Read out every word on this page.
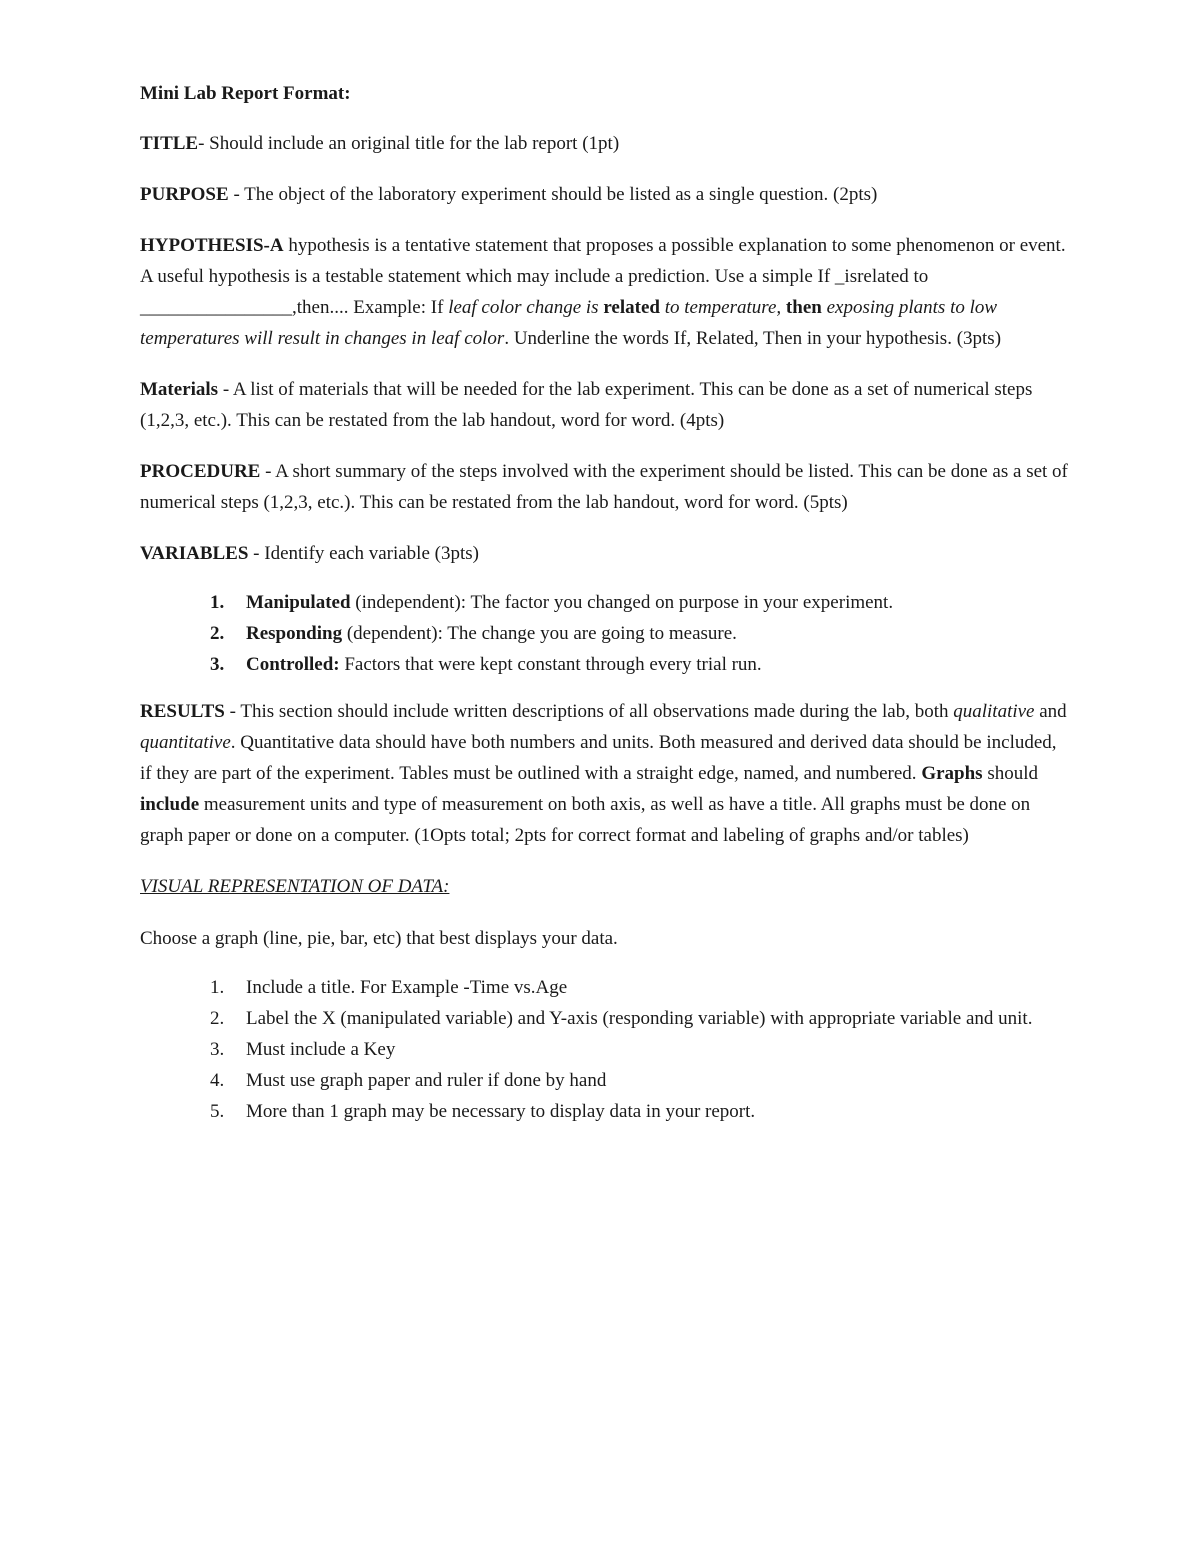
Mini Lab Report Format:

TITLE- Should include an original title for the lab report (1pt)

PURPOSE - The object of the laboratory experiment should be listed as a single question. (2pts)

HYPOTHESIS-A hypothesis is a tentative statement that proposes a possible explanation to some phenomenon or event. A useful hypothesis is a testable statement which may include a prediction. Use a simple If _isrelated to ________________,then.... Example: If leaf color change is related to temperature, then exposing plants to low temperatures will result in changes in leaf color. Underline the words If, Related, Then in your hypothesis. (3pts)

Materials - A list of materials that will be needed for the lab experiment. This can be done as a set of numerical steps (1,2,3, etc.). This can be restated from the lab handout, word for word. (4pts)

PROCEDURE - A short summary of the steps involved with the experiment should be listed. This can be done as a set of numerical steps (1,2,3, etc.). This can be restated from the lab handout, word for word. (5pts)

VARIABLES - Identify each variable (3pts)

1.	Manipulated (independent): The factor you changed on purpose in your experiment.
2.	Responding (dependent): The change you are going to measure.
3.	Controlled: Factors that were kept constant through every trial run.

RESULTS - This section should include written descriptions of all observations made during the lab, both qualitative and quantitative. Quantitative data should have both numbers and units. Both measured and derived data should be included, if they are part of the experiment. Tables must be outlined with a straight edge, named, and numbered. Graphs should include measurement units and type of measurement on both axis, as well as have a title. All graphs must be done on graph paper or done on a computer. (1Opts total; 2pts for correct format and labeling of graphs and/or tables)

VISUAL REPRESENTATION OF DATA:

Choose a graph (line, pie, bar, etc) that best displays your data.

1.	Include a title. For Example -Time vs.Age
2.	Label the X (manipulated variable) and Y-axis (responding variable) with appropriate variable and unit.
3.	Must include a Key
4.	Must use graph paper and ruler if done by hand
5.	More than 1 graph may be necessary to display data in your report.
